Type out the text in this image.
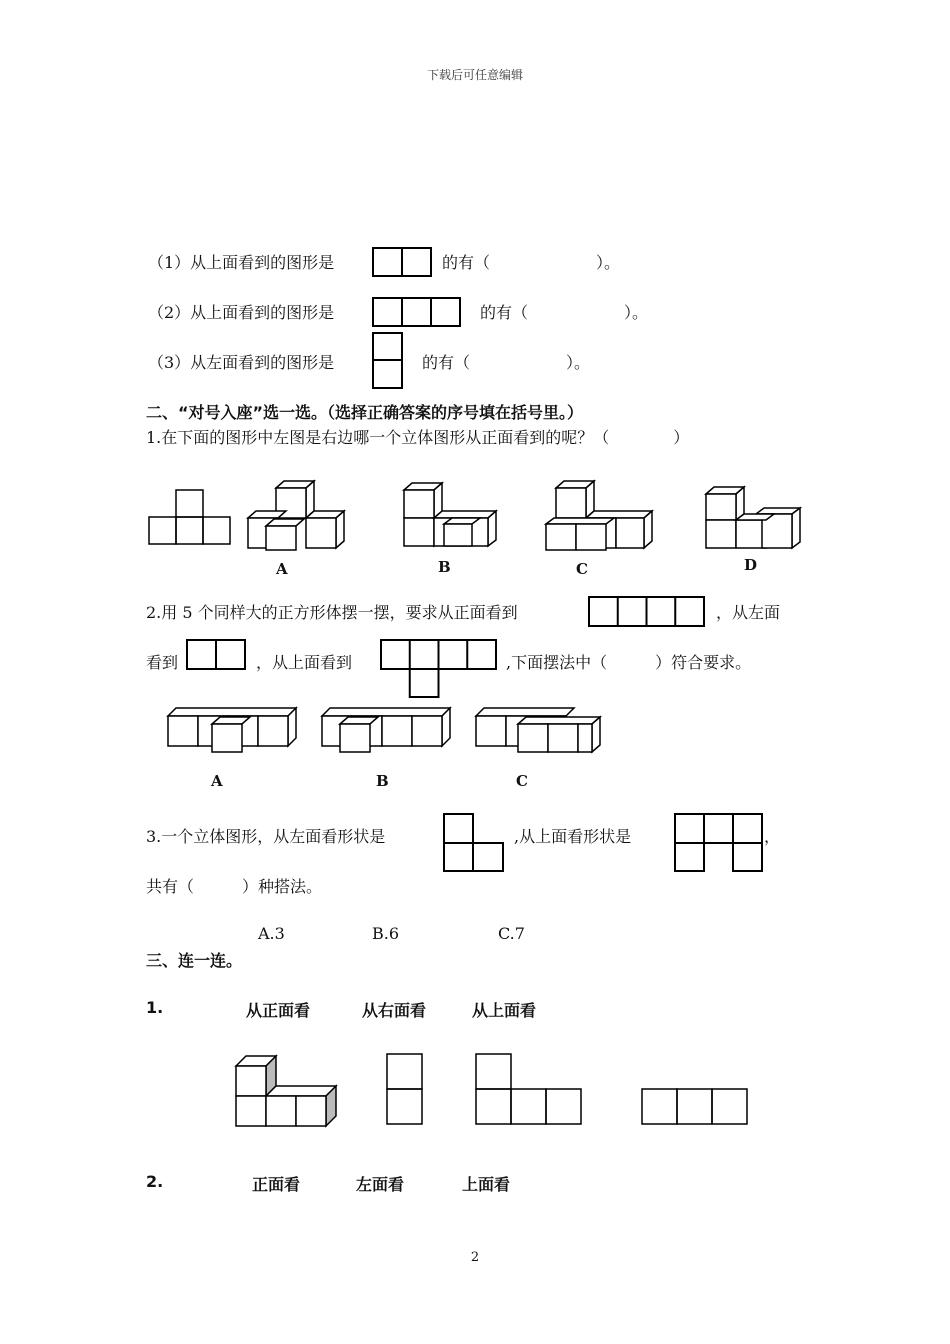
下载后可任意编辑
2
（1）从上面看到的图形是	的有（	）。
（2）从上面看到的图形是	的有（	）。
（3）从左面看到的图形是	的有（	）。
二、“对号入座”选一选。（选择正确答案的序号填在括号里。）
1.在下面的图形中左图是右边哪一个立体图形从正面看到的呢？（　　　　）
A	B	C	D
2.用 5 个同样大的正方形体摆一摆，要求从正面看到	，从左面
看到	，从上面看到	,下面摆法中（　　　）符合要求。
A	B	C
3.一个立体图形，从左面看形状是	,从上面看形状是	，
共有（　　　）种搭法。
A.3	B.6	C.7
三、连一连。
1.	从正面看	从右面看	从上面看
2.	正面看	左面看	上面看
